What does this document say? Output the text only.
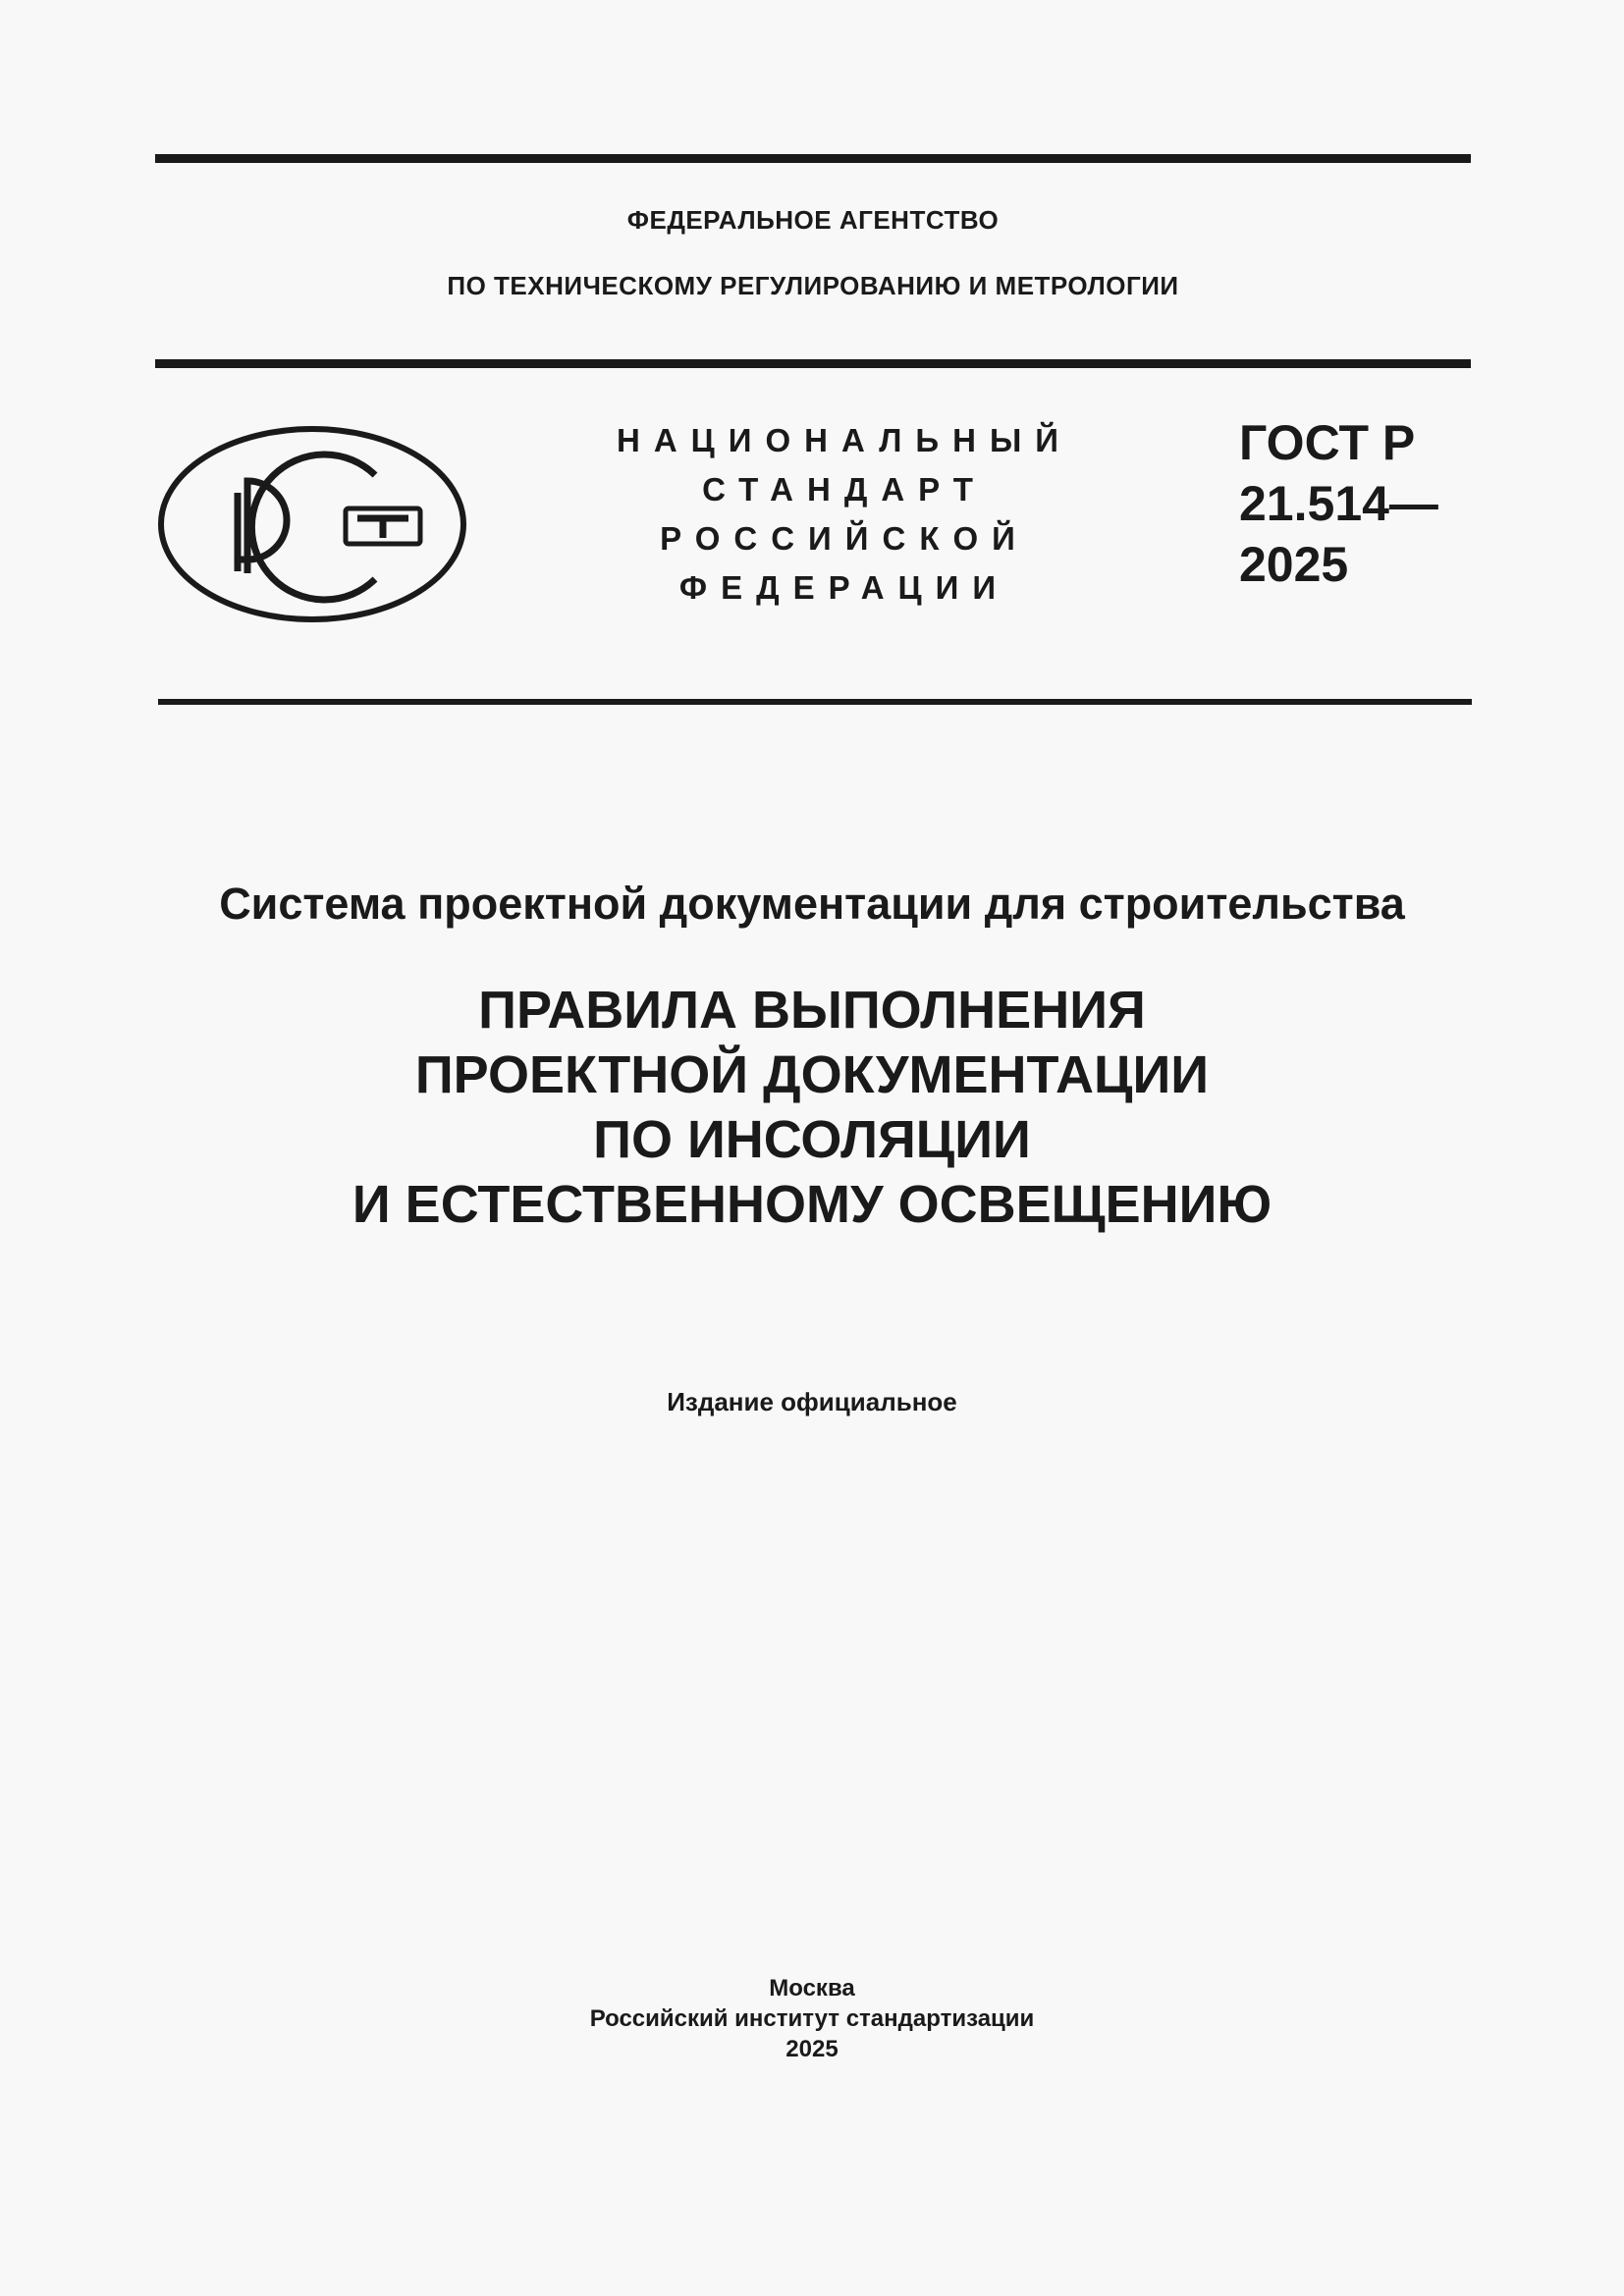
ФЕДЕРАЛЬНОЕ АГЕНТСТВО
ПО ТЕХНИЧЕСКОМУ РЕГУЛИРОВАНИЮ И МЕТРОЛОГИИ
НАЦИОНАЛЬНЫЙ
СТАНДАРТ
РОССИЙСКОЙ
ФЕДЕРАЦИИ
ГОСТ Р
21.514—
2025
Система проектной документации для строительства
ПРАВИЛА ВЫПОЛНЕНИЯ
ПРОЕКТНОЙ ДОКУМЕНТАЦИИ
ПО ИНСОЛЯЦИИ
И ЕСТЕСТВЕННОМУ ОСВЕЩЕНИЮ
Издание официальное
Москва
Российский институт стандартизации
2025
